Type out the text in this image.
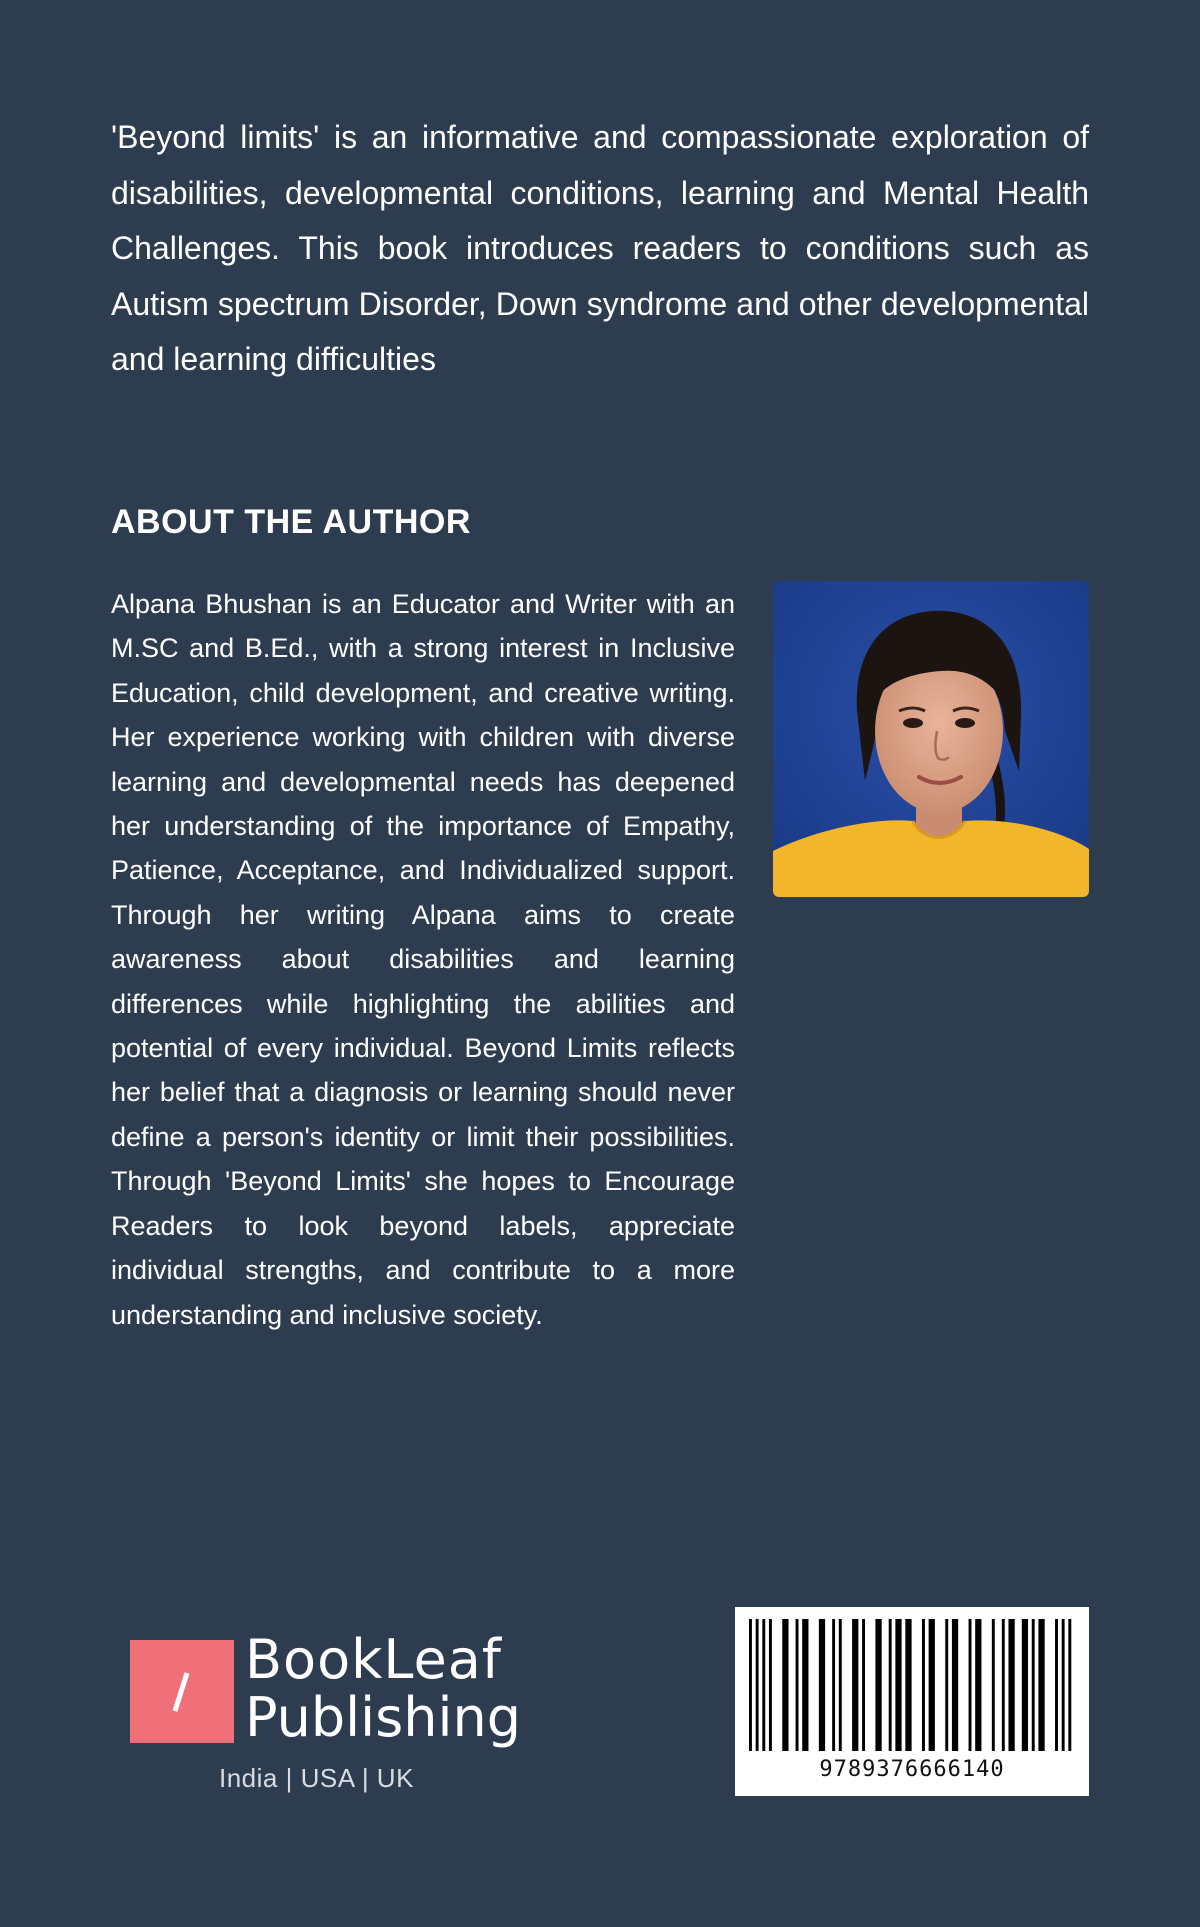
'Beyond limits' is an informative and compassionate exploration of disabilities, developmental conditions, learning and Mental Health Challenges. This book introduces readers to conditions such as Autism spectrum Disorder, Down syndrome and other developmental and learning difficulties

ABOUT THE AUTHOR

Alpana Bhushan is an Educator and Writer with an M.SC and B.Ed., with a strong interest in Inclusive Education, child development, and creative writing. Her experience working with children with diverse learning and developmental needs has deepened her understanding of the importance of Empathy, Patience, Acceptance, and Individualized support. Through her writing Alpana aims to create awareness about disabilities and learning differences while highlighting the abilities and potential of every individual. Beyond Limits reflects her belief that a diagnosis or learning should never define a person's identity or limit their possibilities. Through 'Beyond Limits' she hopes to Encourage Readers to look beyond labels, appreciate individual strengths, and contribute to a more understanding and inclusive society.

BookLeaf
Publishing

India | USA | UK	9789376666140
